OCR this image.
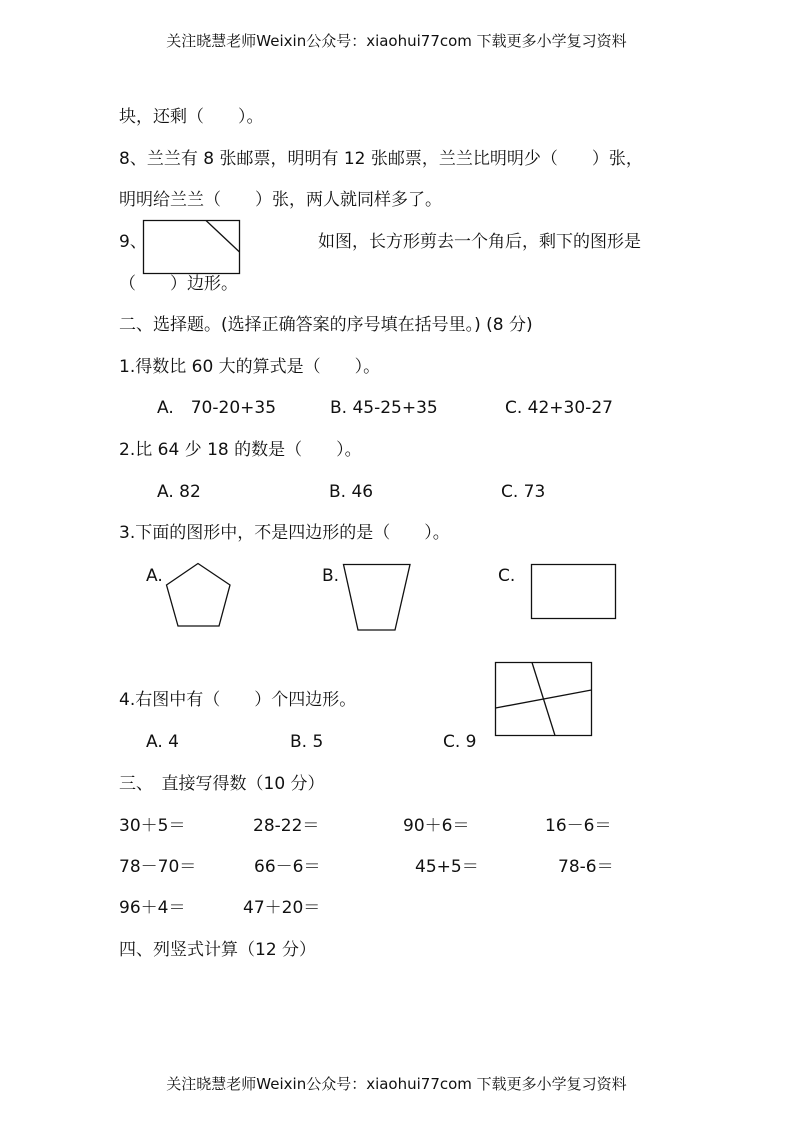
关注晓慧老师Weixin公众号：xiaohui77com 下载更多小学复习资料
块，还剩（　　）。
8、兰兰有 8 张邮票，明明有 12 张邮票，兰兰比明明少（　　）张，
明明给兰兰（　　）张，两人就同样多了。
9、	如图，长方形剪去一个角后，剩下的图形是
（　　）边形。
二、选择题。(选择正确答案的序号填在括号里。) (8 分)
1.得数比 60 大的算式是（　　）。
A.　70-20+35	B. 45-25+35	C. 42+30-27
2.比 64 少 18 的数是（　　）。
A. 82	B. 46	C. 73
3.下面的图形中，不是四边形的是（　　）。
A.	B.	C.
4.右图中有（　　）个四边形。
A. 4	B. 5	C. 9
三、　直接写得数（10 分）
30＋5＝	28-22＝	90＋6＝	16－6＝
78－70＝	66－6＝	45+5＝	78-6＝
96＋4＝	47＋20＝
四、列竖式计算（12 分）
关注晓慧老师Weixin公众号：xiaohui77com 下载更多小学复习资料
